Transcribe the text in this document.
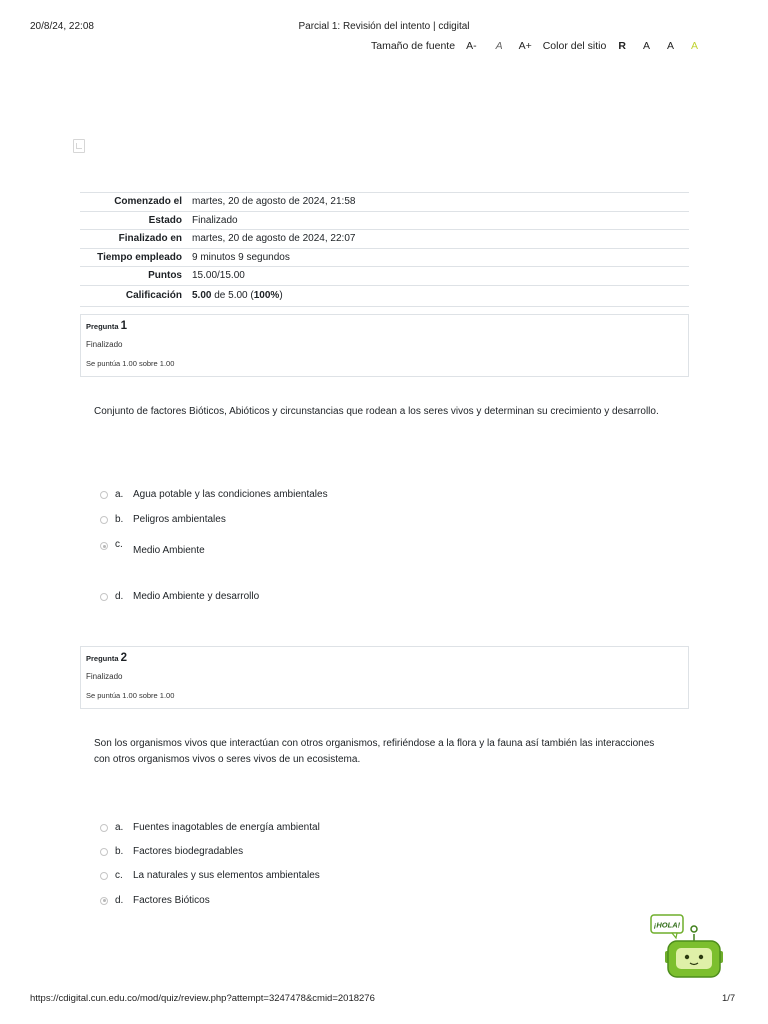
20/8/24, 22:08	Parcial 1: Revisión del intento | cdigital
Tamaño de fuente A- A A+ Color del sitio R A A A
Comenzado el	martes, 20 de agosto de 2024, 21:58
Estado	Finalizado
Finalizado en	martes, 20 de agosto de 2024, 22:07
Tiempo empleado	9 minutos 9 segundos
Puntos	15.00/15.00
Calificación	5.00 de 5.00 (100%)
Pregunta 1
Finalizado
Se puntúa 1.00 sobre 1.00
Conjunto de factores Bióticos, Abióticos y circunstancias que rodean a los seres vivos y determinan su crecimiento y desarrollo.
a. Agua potable y las condiciones ambientales
b. Peligros ambientales
c.
Medio Ambiente
d. Medio Ambiente y desarrollo
Pregunta 2
Finalizado
Se puntúa 1.00 sobre 1.00
Son los organismos vivos que interactúan con otros organismos, refiriéndose a la flora y la fauna así también las interacciones con otros organismos vivos o seres vivos de un ecosistema.
a. Fuentes inagotables de energía ambiental
b. Factores biodegradables
c.	La naturales y sus elementos ambientales
d. Factores Bióticos
¡HOLA!
https://cdigital.cun.edu.co/mod/quiz/review.php?attempt=3247478&cmid=2018276	1/7
